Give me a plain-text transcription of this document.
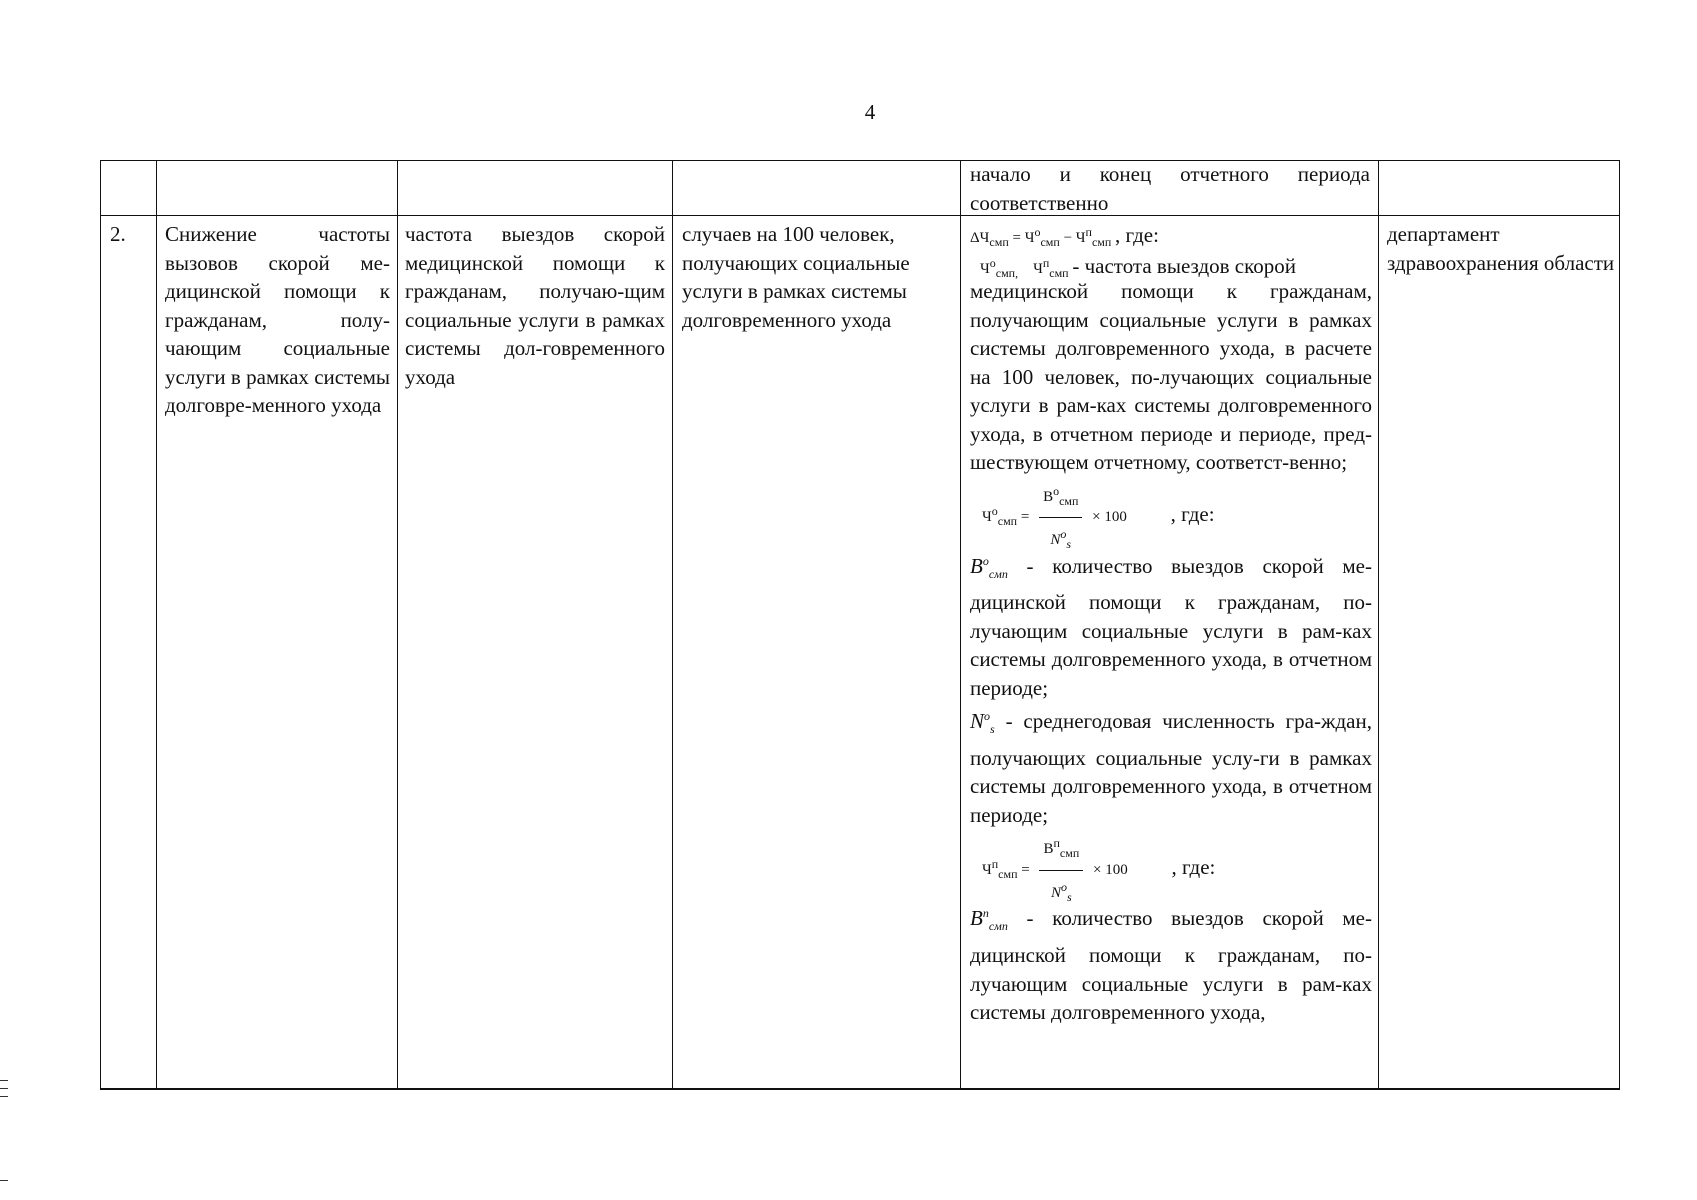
4
начало и конец отчетного периода соответственно
2.	Снижение частоты вызовов скорой ме-дицинской помощи к гражданам, полу-чающим социальные услуги в рамках системы долговре-менного ухода
частота выездов скорой медицинской помощи к гражданам, получаю-щим социальные услуги в рамках системы дол-говременного ухода
случаев на 100 человек, получающих социальные услуги в рамках системы долговременного ухода
$\Delta Ч_{смп} = Ч^о_{смп} - Ч^п_{смп}$ , где:
$Ч^о_{смп,}$ $Ч^п_{смп}$ - частота выездов скорой
медицинской помощи к гражданам, получающим социальные услуги в рамках системы долговременного ухода, в расчете на 100 человек, по-лучающих социальные услуги в рам-ках системы долговременного ухода, в отчетном периоде и периоде, пред-шествующем отчетному, соответст-венно;
$Ч^о_{смп} = \frac{В^о_{смп}}{N^о_s} \times 100$ , где:
$B^о_{смп}$ - количество выездов скорой ме-дицинской помощи к гражданам, по-лучающим социальные услуги в рам-ках системы долговременного ухода, в отчетном периоде;
$N^о_s$ - среднегодовая численность гра-ждан, получающих социальные услу-ги в рамках системы долговременного ухода, в отчетном периоде;
$Ч^п_{смп} = \frac{В^п_{смп}}{N^о_s} \times 100$ , где:
$B^n_{смп}$ - количество выездов скорой ме-дицинской помощи к гражданам, по-лучающим социальные услуги в рам-ках системы долговременного ухода,
департамент здравоохранения области
